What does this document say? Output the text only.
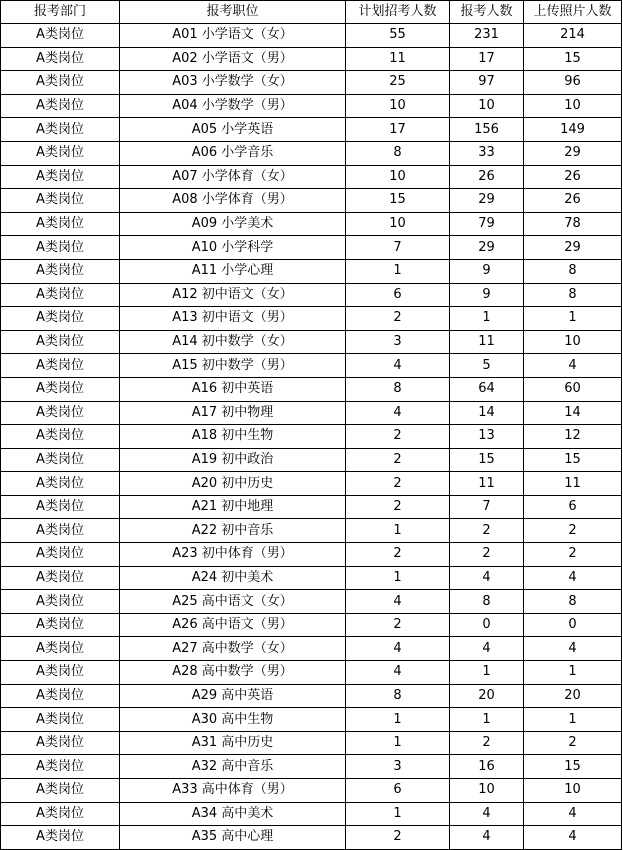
报考部门	报考职位	计划招考人数	报考人数	上传照片人数
A类岗位	A01 小学语文（女）	55	231	214
A类岗位	A02 小学语文（男）	11	17	15
A类岗位	A03 小学数学（女）	25	97	96
A类岗位	A04 小学数学（男）	10	10	10
A类岗位	A05 小学英语	17	156	149
A类岗位	A06 小学音乐	8	33	29
A类岗位	A07 小学体育（女）	10	26	26
A类岗位	A08 小学体育（男）	15	29	26
A类岗位	A09 小学美术	10	79	78
A类岗位	A10 小学科学	7	29	29
A类岗位	A11 小学心理	1	9	8
A类岗位	A12 初中语文（女）	6	9	8
A类岗位	A13 初中语文（男）	2	1	1
A类岗位	A14 初中数学（女）	3	11	10
A类岗位	A15 初中数学（男）	4	5	4
A类岗位	A16 初中英语	8	64	60
A类岗位	A17 初中物理	4	14	14
A类岗位	A18 初中生物	2	13	12
A类岗位	A19 初中政治	2	15	15
A类岗位	A20 初中历史	2	11	11
A类岗位	A21 初中地理	2	7	6
A类岗位	A22 初中音乐	1	2	2
A类岗位	A23 初中体育（男）	2	2	2
A类岗位	A24 初中美术	1	4	4
A类岗位	A25 高中语文（女）	4	8	8
A类岗位	A26 高中语文（男）	2	0	0
A类岗位	A27 高中数学（女）	4	4	4
A类岗位	A28 高中数学（男）	4	1	1
A类岗位	A29 高中英语	8	20	20
A类岗位	A30 高中生物	1	1	1
A类岗位	A31 高中历史	1	2	2
A类岗位	A32 高中音乐	3	16	15
A类岗位	A33 高中体育（男）	6	10	10
A类岗位	A34 高中美术	1	4	4
A类岗位	A35 高中心理	2	4	4
